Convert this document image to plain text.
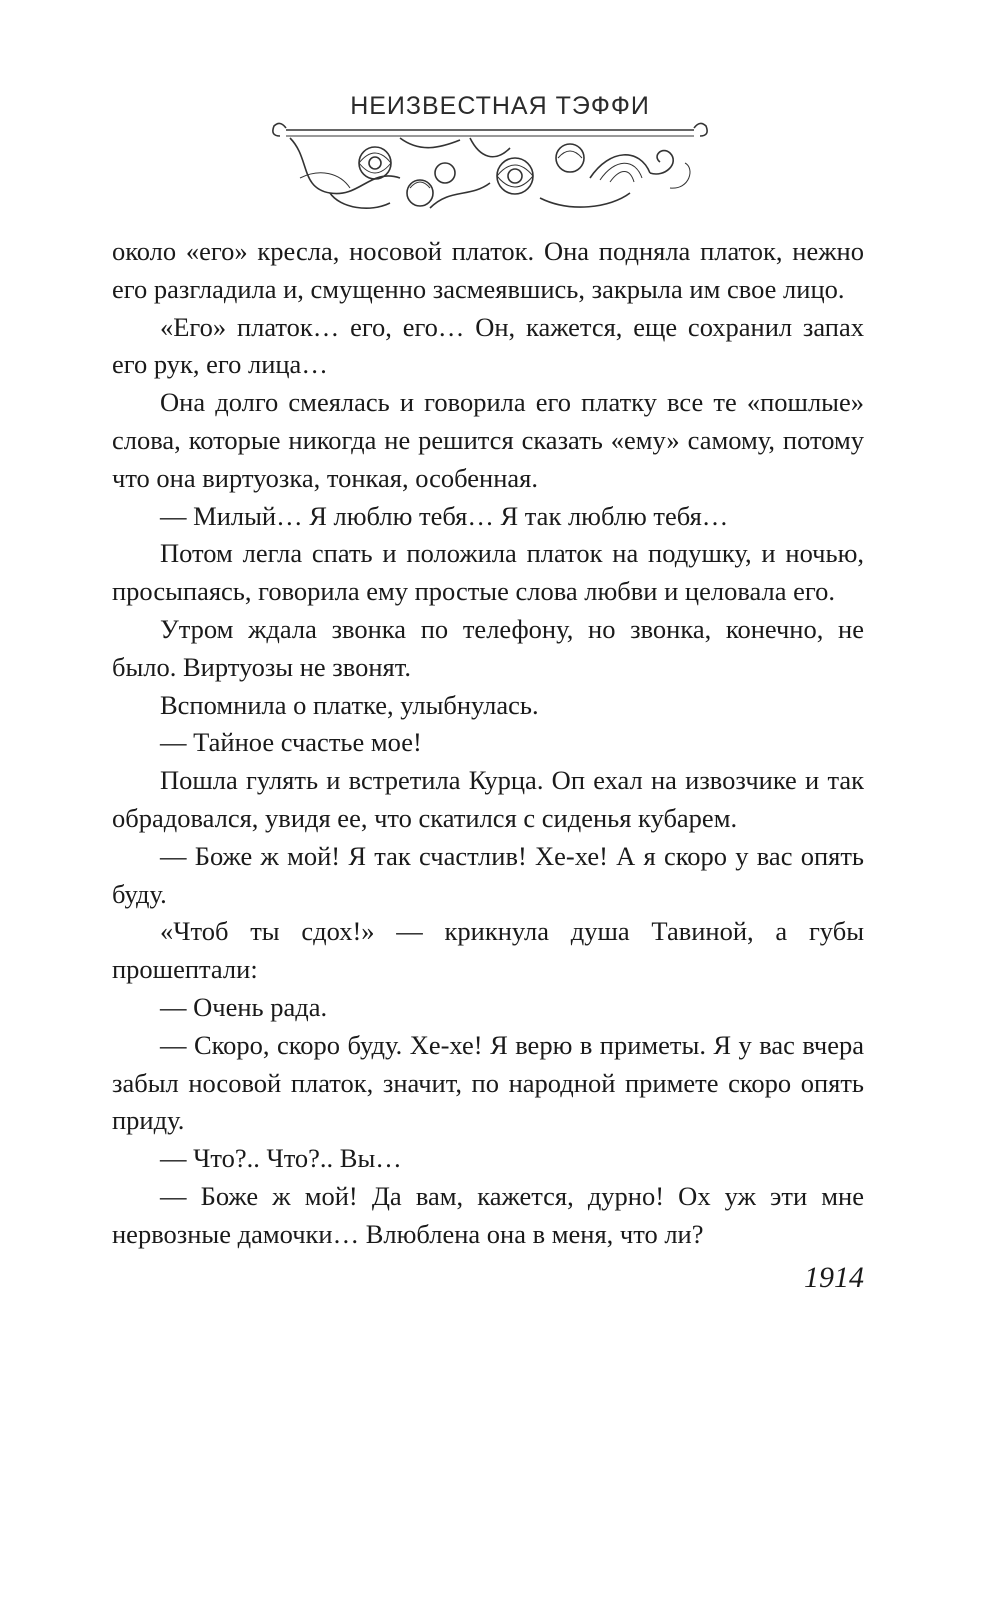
НЕИЗВЕСТНАЯ ТЭФФИ

около «его» кресла, носовой платок. Она подняла платок, нежно его разгладила и, смущенно засмеявшись, закрыла им свое лицо.

«Его» платок… его, его… Он, кажется, еще сохранил запах его рук, его лица…

Она долго смеялась и говорила его платку все те «пошлые» слова, которые никогда не решится сказать «ему» самому, потому что она виртуозка, тонкая, особенная.

— Милый… Я люблю тебя… Я так люблю тебя…

Потом легла спать и положила платок на подушку, и ночью, просыпаясь, говорила ему простые слова любви и целовала его.

Утром ждала звонка по телефону, но звонка, конечно, не было. Виртуозы не звонят.

Вспомнила о платке, улыбнулась.

— Тайное счастье мое!

Пошла гулять и встретила Курца. Оп ехал на извозчике и так обрадовался, увидя ее, что скатился с сиденья кубарем.

— Боже ж мой! Я так счастлив! Хе-хе! А я скоро у вас опять буду.

«Чтоб ты сдох!» — крикнула душа Тавиной, а губы прошептали:

— Очень рада.

— Скоро, скоро буду. Хе-хе! Я верю в приметы. Я у вас вчера забыл носовой платок, значит, по народной примете скоро опять приду.

— Что?.. Что?.. Вы…

— Боже ж мой! Да вам, кажется, дурно! Ох уж эти мне нервозные дамочки… Влюблена она в меня, что ли?

1914
